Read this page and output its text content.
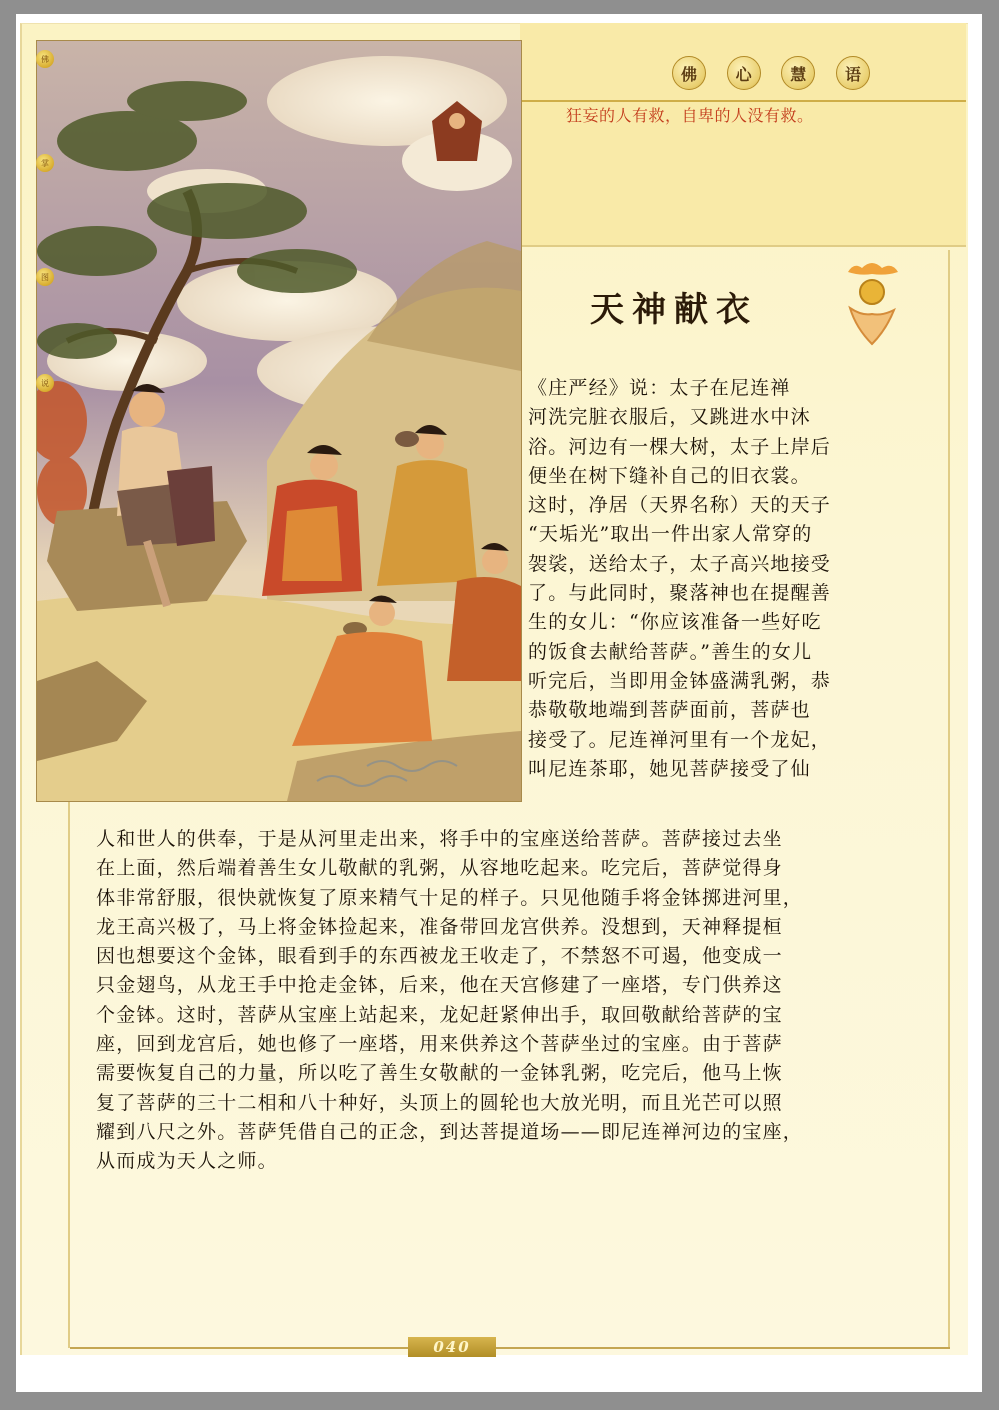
佛	心	慧	语
狂妄的人有救，自卑的人没有救。
佛
掌
图
说
天神献衣

《庄严经》说：太子在尼连禅

河洗完脏衣服后，又跳进水中沐

浴。河边有一棵大树，太子上岸后

便坐在树下缝补自己的旧衣裳。

这时，净居（天界名称）天的天子

“天垢光”取出一件出家人常穿的

袈裟，送给太子，太子高兴地接受

了。与此同时，聚落神也在提醒善

生的女儿：“你应该准备一些好吃

的饭食去献给菩萨。”善生的女儿

听完后，当即用金钵盛满乳粥，恭

恭敬敬地端到菩萨面前，菩萨也

接受了。尼连禅河里有一个龙妃，

叫尼连茶耶，她见菩萨接受了仙

人和世人的供奉，于是从河里走出来，将手中的宝座送给菩萨。菩萨接过去坐

在上面，然后端着善生女儿敬献的乳粥，从容地吃起来。吃完后，菩萨觉得身

体非常舒服，很快就恢复了原来精气十足的样子。只见他随手将金钵掷进河里，

龙王高兴极了，马上将金钵捡起来，准备带回龙宫供养。没想到，天神释提桓

因也想要这个金钵，眼看到手的东西被龙王收走了，不禁怒不可遏，他变成一

只金翅鸟，从龙王手中抢走金钵，后来，他在天宫修建了一座塔，专门供养这

个金钵。这时，菩萨从宝座上站起来，龙妃赶紧伸出手，取回敬献给菩萨的宝

座，回到龙宫后，她也修了一座塔，用来供养这个菩萨坐过的宝座。由于菩萨

需要恢复自己的力量，所以吃了善生女敬献的一金钵乳粥，吃完后，他马上恢

复了菩萨的三十二相和八十种好，头顶上的圆轮也大放光明，而且光芒可以照

耀到八尺之外。菩萨凭借自己的正念，到达菩提道场——即尼连禅河边的宝座，

从而成为天人之师。

040
